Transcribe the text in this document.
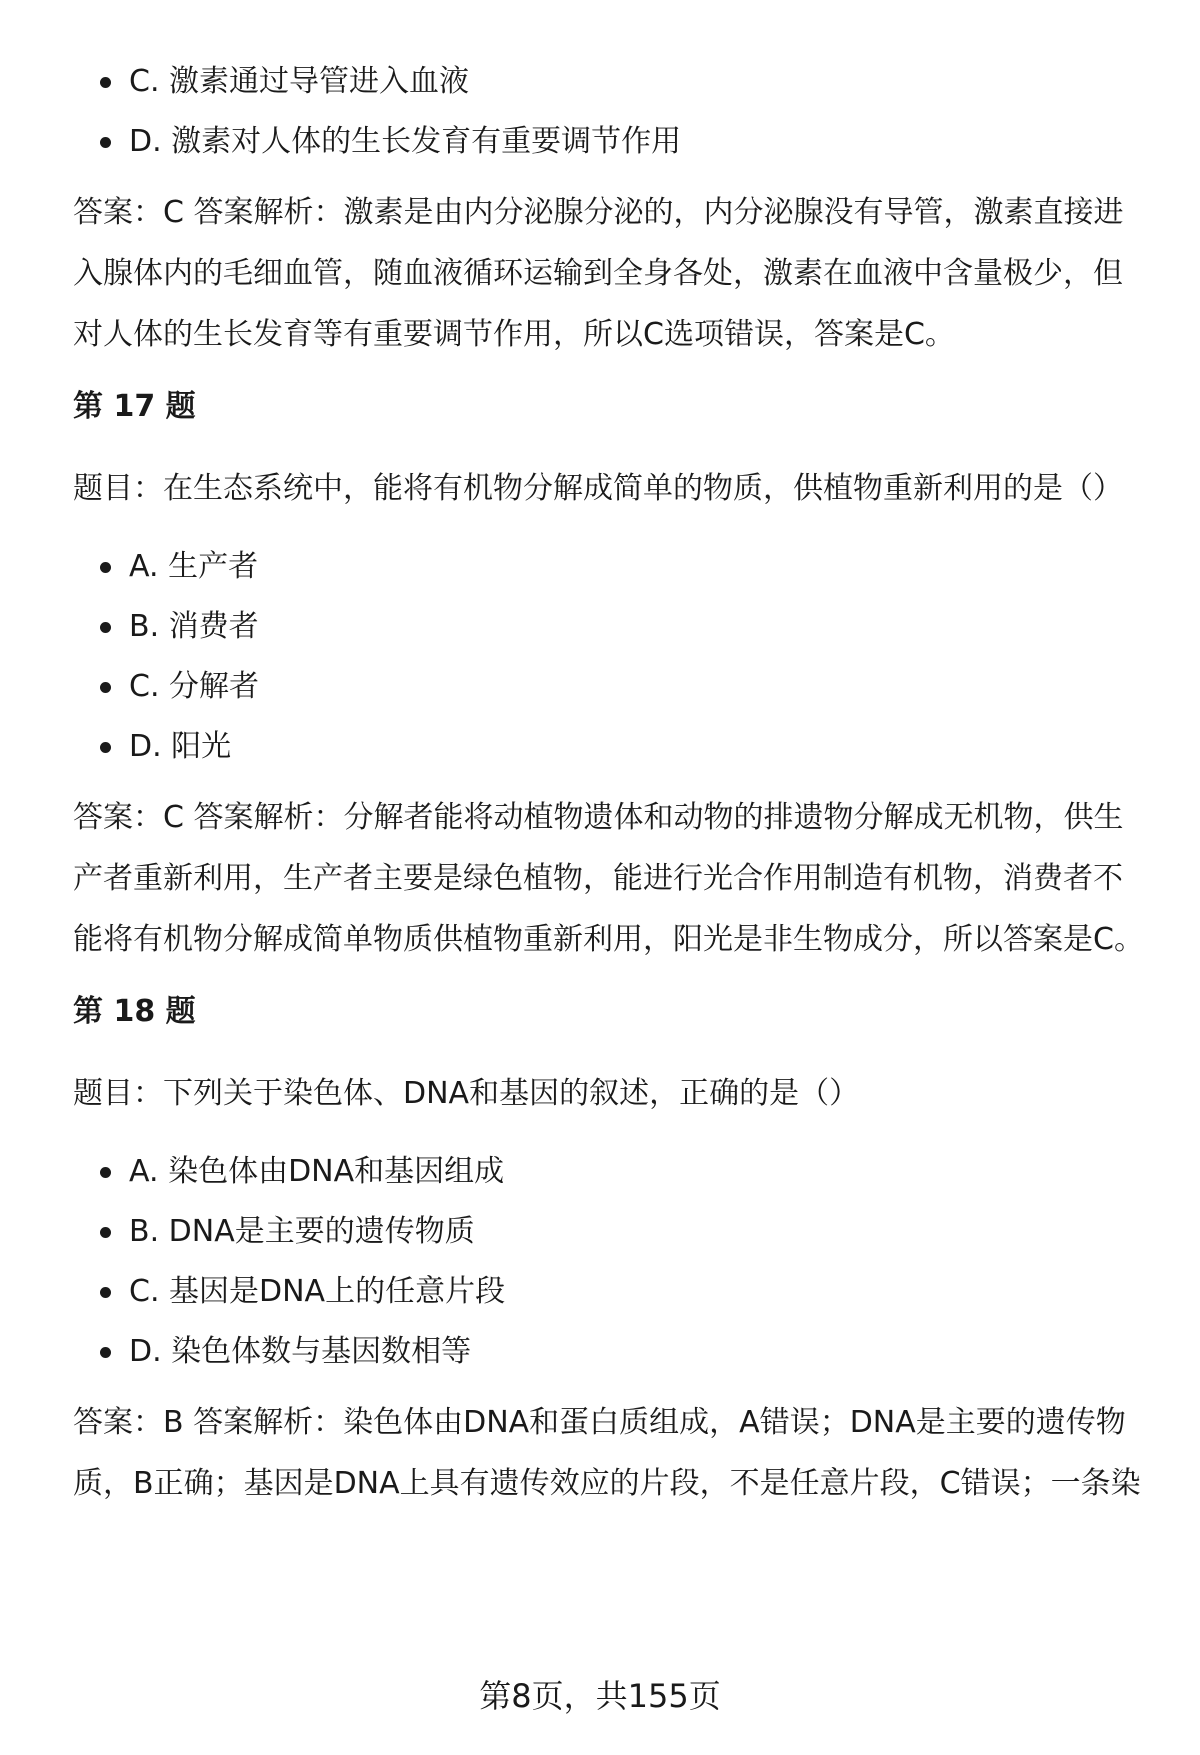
C. 激素通过导管进入血液
D. 激素对人体的生长发育有重要调节作用

答案：C 答案解析：激素是由内分泌腺分泌的，内分泌腺没有导管，激素直接进入腺体内的毛细血管，随血液循环运输到全身各处，激素在血液中含量极少，但对人体的生长发育等有重要调节作用，所以C选项错误，答案是C。

第 17 题

题目：在生态系统中，能将有机物分解成简单的物质，供植物重新利用的是（）

A. 生产者
B. 消费者
C. 分解者
D. 阳光

答案：C 答案解析：分解者能将动植物遗体和动物的排遗物分解成无机物，供生产者重新利用，生产者主要是绿色植物，能进行光合作用制造有机物，消费者不能将有机物分解成简单物质供植物重新利用，阳光是非生物成分，所以答案是C。

第 18 题

题目：下列关于染色体、DNA和基因的叙述，正确的是（）

A. 染色体由DNA和基因组成
B. DNA是主要的遗传物质
C. 基因是DNA上的任意片段
D. 染色体数与基因数相等

答案：B 答案解析：染色体由DNA和蛋白质组成，A错误；DNA是主要的遗传物质，B正确；基因是DNA上具有遗传效应的片段，不是任意片段，C错误；一条染

第8页，共155页
